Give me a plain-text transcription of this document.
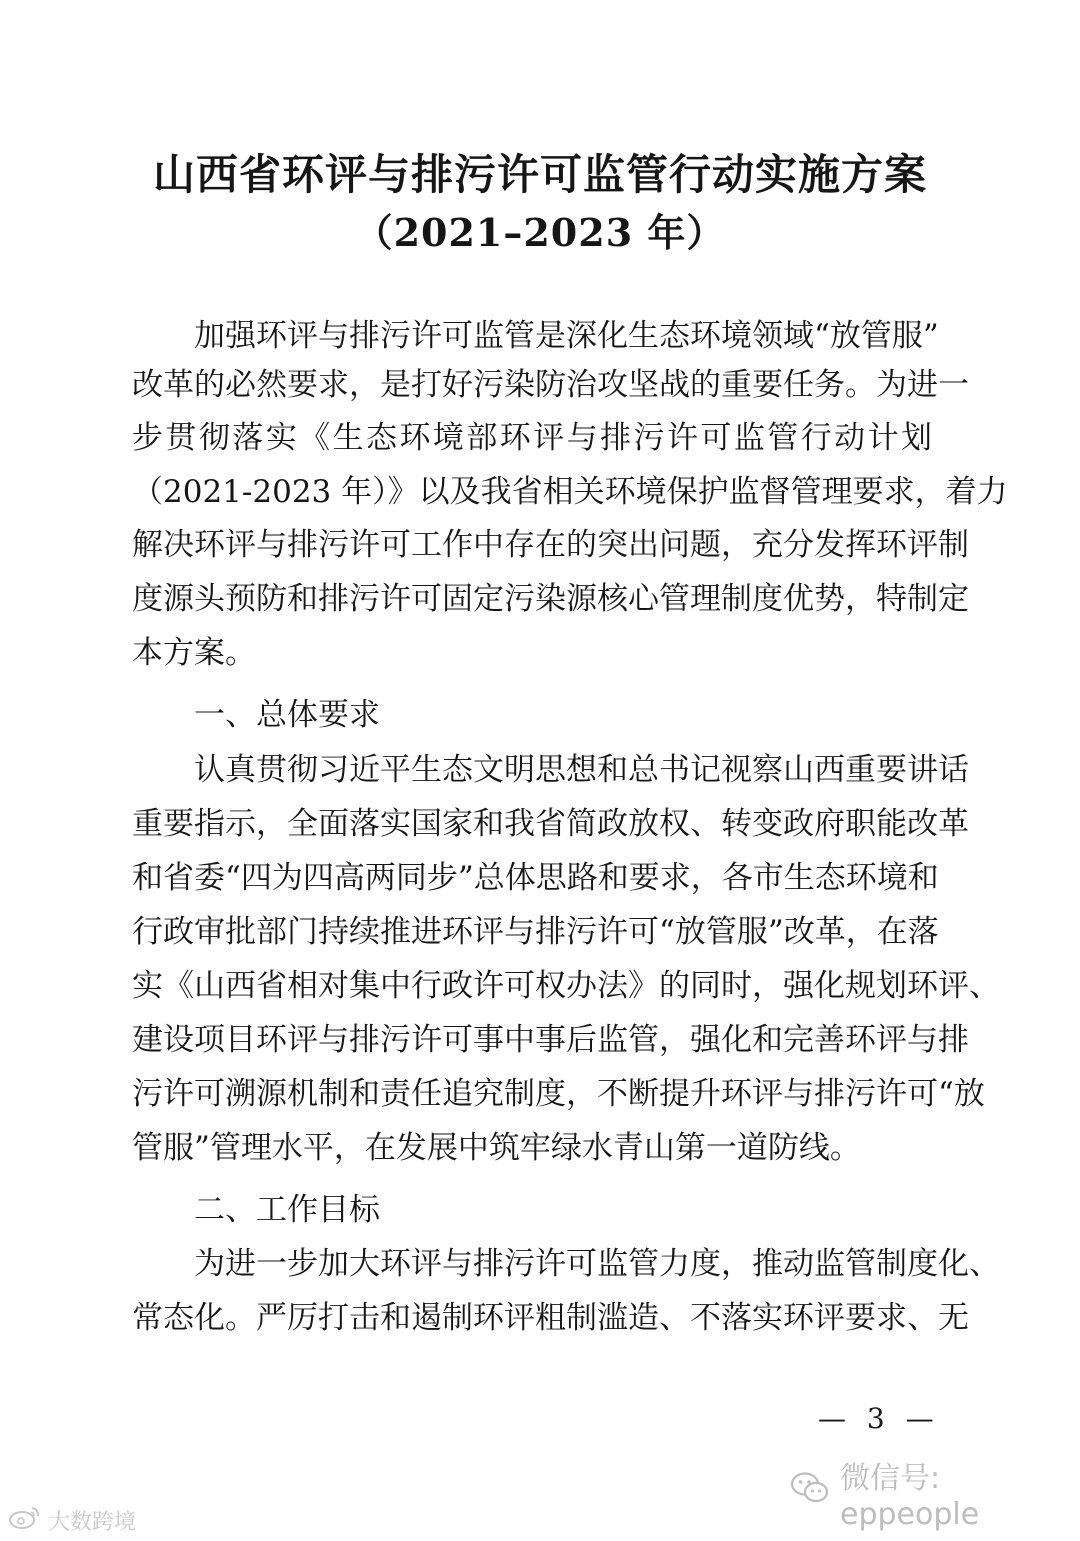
山西省环评与排污许可监管行动实施方案
（2021–2023 年）
加强环评与排污许可监管是深化生态环境领域“放管服”
改革的必然要求，是打好污染防治攻坚战的重要任务。为进一
步贯彻落实《生态环境部环评与排污许可监管行动计划
（2021-2023 年）》以及我省相关环境保护监督管理要求，着力
解决环评与排污许可工作中存在的突出问题，充分发挥环评制
度源头预防和排污许可固定污染源核心管理制度优势，特制定
本方案。
一、总体要求
认真贯彻习近平生态文明思想和总书记视察山西重要讲话
重要指示，全面落实国家和我省简政放权、转变政府职能改革
和省委“四为四高两同步”总体思路和要求，各市生态环境和
行政审批部门持续推进环评与排污许可“放管服”改革，在落
实《山西省相对集中行政许可权办法》的同时，强化规划环评、
建设项目环评与排污许可事中事后监管，强化和完善环评与排
污许可溯源机制和责任追究制度，不断提升环评与排污许可“放
管服”管理水平，在发展中筑牢绿水青山第一道防线。
二、工作目标
为进一步加大环评与排污许可监管力度，推动监管制度化、
常态化。严厉打击和遏制环评粗制滥造、不落实环评要求、无
— 3 —
微信号: eppeople
大数跨境
